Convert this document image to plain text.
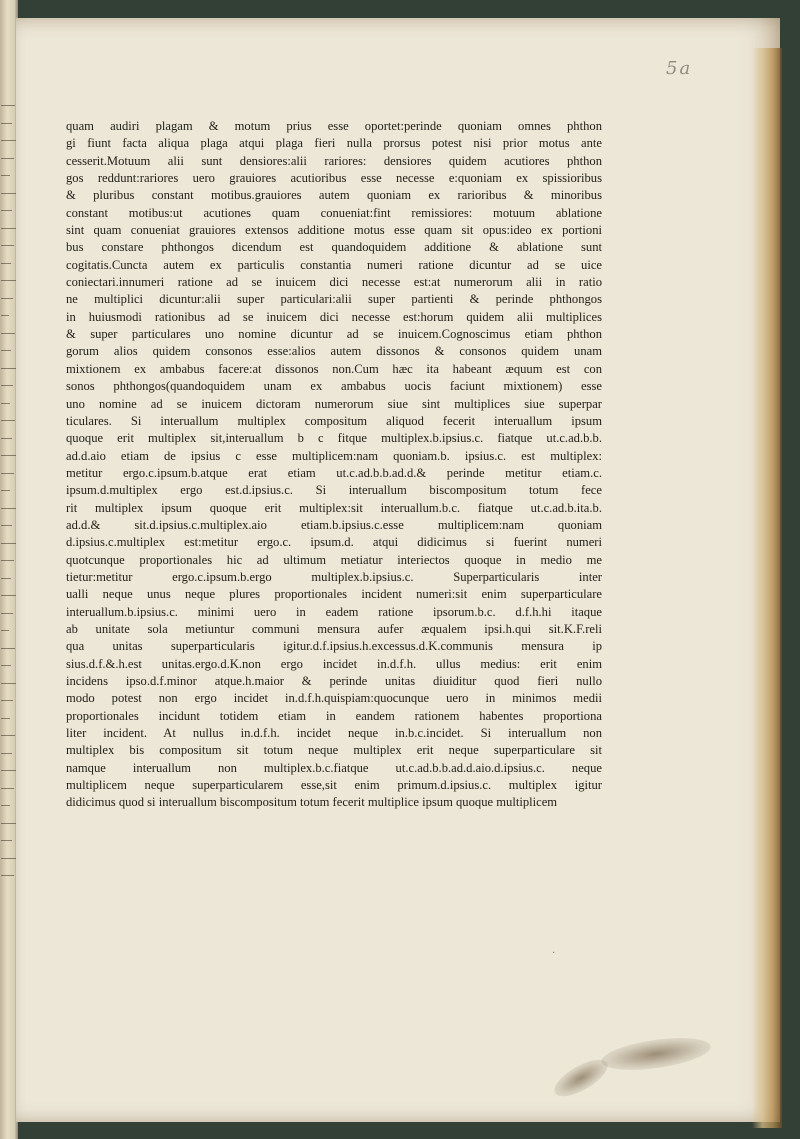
5a
quam audiri plagam & motum prius esse oportet:perinde quoniam omnes phthon
gi fiunt facta aliqua plaga atqui plaga fieri nulla prorsus potest nisi prior motus ante
cesserit.Motuum alii sunt densiores:alii rariores: densiores quidem acutiores phthon
gos reddunt:rariores uero grauiores acutioribus esse necesse e:quoniam ex spissioribus
& pluribus constant motibus.grauiores autem quoniam ex rarioribus & minoribus
constant motibus:ut acutiones quam conueniat:fint remissiores: motuum ablatione
sint quam conueniat grauiores extensos additione motus esse quam sit opus:ideo ex portioni
bus constare phthongos dicendum est quandoquidem additione & ablatione sunt
cogitatis.Cuncta autem ex particulis constantia numeri ratione dicuntur ad se uice
coniectari.innumeri ratione ad se inuicem dici necesse est:at numerorum alii in ratio
ne multiplici dicuntur:alii super particulari:alii super partienti & perinde phthongos
in huiusmodi rationibus ad se inuicem dici necesse est:horum quidem alii multiplices
& super particulares uno nomine dicuntur ad se inuicem.Cognoscimus etiam phthon
gorum alios quidem consonos esse:alios autem dissonos & consonos quidem unam
mixtionem ex ambabus facere:at dissonos non.Cum hæc ita habeant æquum est con
sonos phthongos(quandoquidem unam ex ambabus uocis faciunt mixtionem) esse
uno nomine ad se inuicem dictoram numerorum siue sint multiplices siue superpar
ticulares. Si interuallum multiplex compositum aliquod fecerit interuallum ipsum
quoque erit multiplex sit,interuallum b c fitque multiplex.b.ipsius.c. fiatque ut.c.ad.b.b.
ad.d.aio etiam de ipsius c esse multiplicem:nam quoniam.b. ipsius.c. est multiplex:
metitur ergo.c.ipsum.b.atque erat etiam ut.c.ad.b.b.ad.d.& perinde metitur etiam.c.
ipsum.d.multiplex ergo est.d.ipsius.c. Si interuallum biscompositum totum fece
rit multiplex ipsum quoque erit multiplex:sit interuallum.b.c. fiatque ut.c.ad.b.ita.b.
ad.d.& sit.d.ipsius.c.multiplex.aio etiam.b.ipsius.c.esse multiplicem:nam quoniam
d.ipsius.c.multiplex est:metitur ergo.c. ipsum.d. atqui didicimus si fuerint numeri
quotcunque proportionales hic ad ultimum metiatur interiectos quoque in medio me
tietur:metitur ergo.c.ipsum.b.ergo multiplex.b.ipsius.c. Superparticularis inter
ualli neque unus neque plures proportionales incident numeri:sit enim superparticulare
interuallum.b.ipsius.c. minimi uero in eadem ratione ipsorum.b.c. d.f.h.hi itaque
ab unitate sola metiuntur communi mensura aufer æqualem ipsi.h.qui sit.K.F.reli
qua unitas superparticularis igitur.d.f.ipsius.h.excessus.d.K.communis mensura ip
sius.d.f.&.h.est unitas.ergo.d.K.non ergo incidet in.d.f.h. ullus medius: erit enim
incidens ipso.d.f.minor atque.h.maior & perinde unitas diuiditur quod fieri nullo
modo potest non ergo incidet in.d.f.h.quispiam:quocunque uero in minimos medii
proportionales incidunt totidem etiam in eandem rationem habentes proportiona
liter incident. At nullus in.d.f.h. incidet neque in.b.c.incidet. Si interuallum non
multiplex bis compositum sit totum neque multiplex erit neque superparticulare sit
namque interuallum non multiplex.b.c.fiatque ut.c.ad.b.b.ad.d.aio.d.ipsius.c. neque
multiplicem neque superparticularem esse,sit enim primum.d.ipsius.c. multiplex igitur
didicimus quod si interuallum biscompositum totum fecerit multiplice ipsum quoque multiplicem
·
